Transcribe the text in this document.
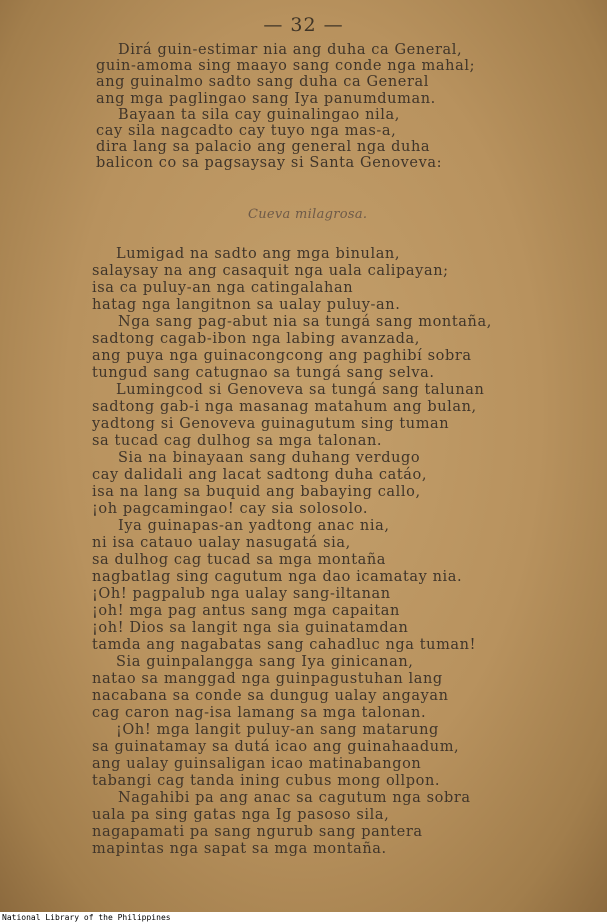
— 32 —
Dirá guin-estimar nia ang duha ca General,
guin-amoma sing maayo sang conde nga mahal;
ang guinalmo sadto sang duha ca General
ang mga paglingao sang Iya panumduman.
Bayaan ta sila cay guinalingao nila,
cay sila nagcadto cay tuyo nga mas-a,
dira lang sa palacio ang general nga duha
balicon co sa pagsaysay si Santa Genoveva:
Cueva milagrosa.
Lumigad na sadto ang mga binulan,
salaysay na ang casaquit nga uala calipayan;
isa ca puluy-an nga catingalahan
hatag nga langitnon sa ualay puluy-an.
Nga sang pag-abut nia sa tungá sang montaña,
sadtong cagab-ibon nga labing avanzada,
ang puya nga guinacongcong ang paghibí sobra
tungud sang catugnao sa tungá sang selva.
Lumingcod si Genoveva sa tungá sang talunan
sadtong gab-i nga masanag matahum ang bulan,
yadtong si Genoveva guinagutum sing tuman
sa tucad cag dulhog sa mga talonan.
Sia na binayaan sang duhang verdugo
cay dalidali ang lacat sadtong duha catáo,
isa na lang sa buquid ang babaying callo,
¡oh pagcamingao! cay sia solosolo.
Iya guinapas-an yadtong anac nia,
ni isa catauo ualay nasugatá sia,
sa dulhog cag tucad sa mga montaña
nagbatlag sing cagutum nga dao icamatay nia.
¡Oh! pagpalub nga ualay sang-iltanan
¡oh! mga pag antus sang mga capaitan
¡oh! Dios sa langit nga sia guinatamdan
tamda ang nagabatas sang cahadluc nga tuman!
Sia guinpalangga sang Iya ginicanan,
natao sa manggad nga guinpagustuhan lang
nacabana sa conde sa dungug ualay angayan
cag caron nag-isa lamang sa mga talonan.
¡Oh! mga langit puluy-an sang matarung
sa guinatamay sa dutá icao ang guinahaadum,
ang ualay guinsaligan icao matinabangon
tabangi cag tanda ining cubus mong ollpon.
Nagahibi pa ang anac sa cagutum nga sobra
uala pa sing gatas nga Ig pasoso sila,
nagapamati pa sang ngurub sang pantera
mapintas nga sapat sa mga montaña.
National Library of the Philippines
